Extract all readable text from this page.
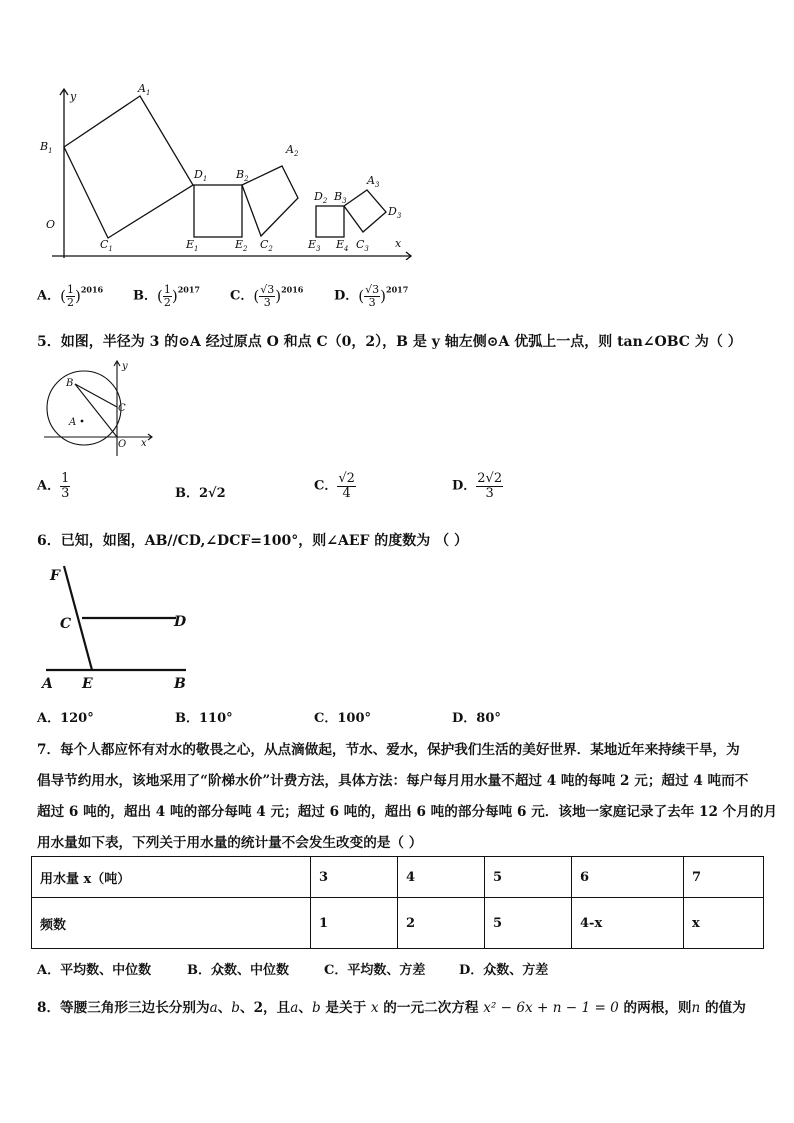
$A_1$
$B_1$
$D_1$	$B_2$
$A_2$
$D_2$ $B_3$
$A_3$
$D_3$
O
y
x
$C_1$	$E_1$	$E_2$ $C_2$	$E_3$ $E_4$ $C_3$
A．( $\frac{1}{2} )^{2016}$ B．( $\frac{1}{2} )^{2017}$ C．( $\frac{√3}{3} )^{2016}$ D．( $\frac{√3}{3} )^{2017}$
5．如图，半径为 3 的⊙A 经过原点 O 和点 C（0，2），B 是 y 轴左侧⊙A 优弧上一点，则 tan∠OBC 为（ ）
B
C
A
O x
y
A． $\frac{1}{3}$	B．2√2	C． $\frac{√2}{4}$	D． $\frac{2√2}{3}$
6．已知，如图，AB//CD,∠DCF=100°，则∠AEF 的度数为 （ ）
F
C	D
A E	B
A．120°	B．110°	C．100°	D．80°
7．每个人都应怀有对水的敬畏之心，从点滴做起，节水、爱水，保护我们生活的美好世界．某地近年来持续干旱，为
倡导节约用水，该地采用了“阶梯水价”计费方法，具体方法：每户每月用水量不超过 4 吨的每吨 2 元；超过 4 吨而不
超过 6 吨的，超出 4 吨的部分每吨 4 元；超过 6 吨的，超出 6 吨的部分每吨 6 元．该地一家庭记录了去年 12 个月的月
用水量如下表，下列关于用水量的统计量不会发生改变的是（ ）
用水量 x（吨）	3	4	5	6	7
频数	1	2	5	4-x	x
A．平均数、中位数	B．众数、中位数	C．平均数、方差	D．众数、方差
8．等腰三角形三边长分别为a、b、2，且a、b 是关于 x 的一元二次方程 x² − 6x + n − 1 = 0 的两根，则n 的值为
